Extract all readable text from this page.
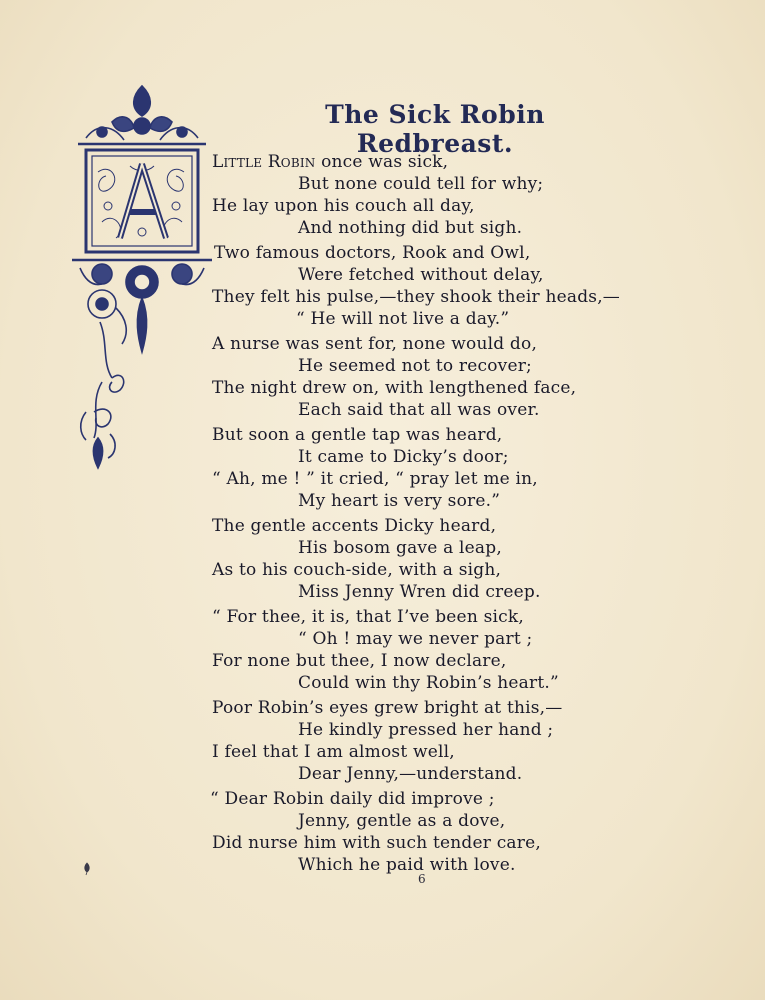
The Sick Robin Redbreast.
Little Robin once was sick,
But none could tell for why;
He lay upon his couch all day,
And nothing did but sigh.
Two famous doctors, Rook and Owl,
Were fetched without delay,
They felt his pulse,—they shook their heads,—
“ He will not live a day.”
A nurse was sent for, none would do,
He seemed not to recover;
The night drew on, with lengthened face,
Each said that all was over.
But soon a gentle tap was heard,
It came to Dicky’s door;
“ Ah, me ! ” it cried, “ pray let me in,
My heart is very sore.”
The gentle accents Dicky heard,
His bosom gave a leap,
As to his couch-side, with a sigh,
Miss Jenny Wren did creep.
“ For thee, it is, that I’ve been sick,
“ Oh ! may we never part ;
For none but thee, I now declare,
Could win thy Robin’s heart.”
Poor Robin’s eyes grew bright at this,—
He kindly pressed her hand ;
I feel that I am almost well,
Dear Jenny,—understand.
“ Dear Robin daily did improve ;
Jenny, gentle as a dove,
Did nurse him with such tender care,
Which he paid with love.
6
